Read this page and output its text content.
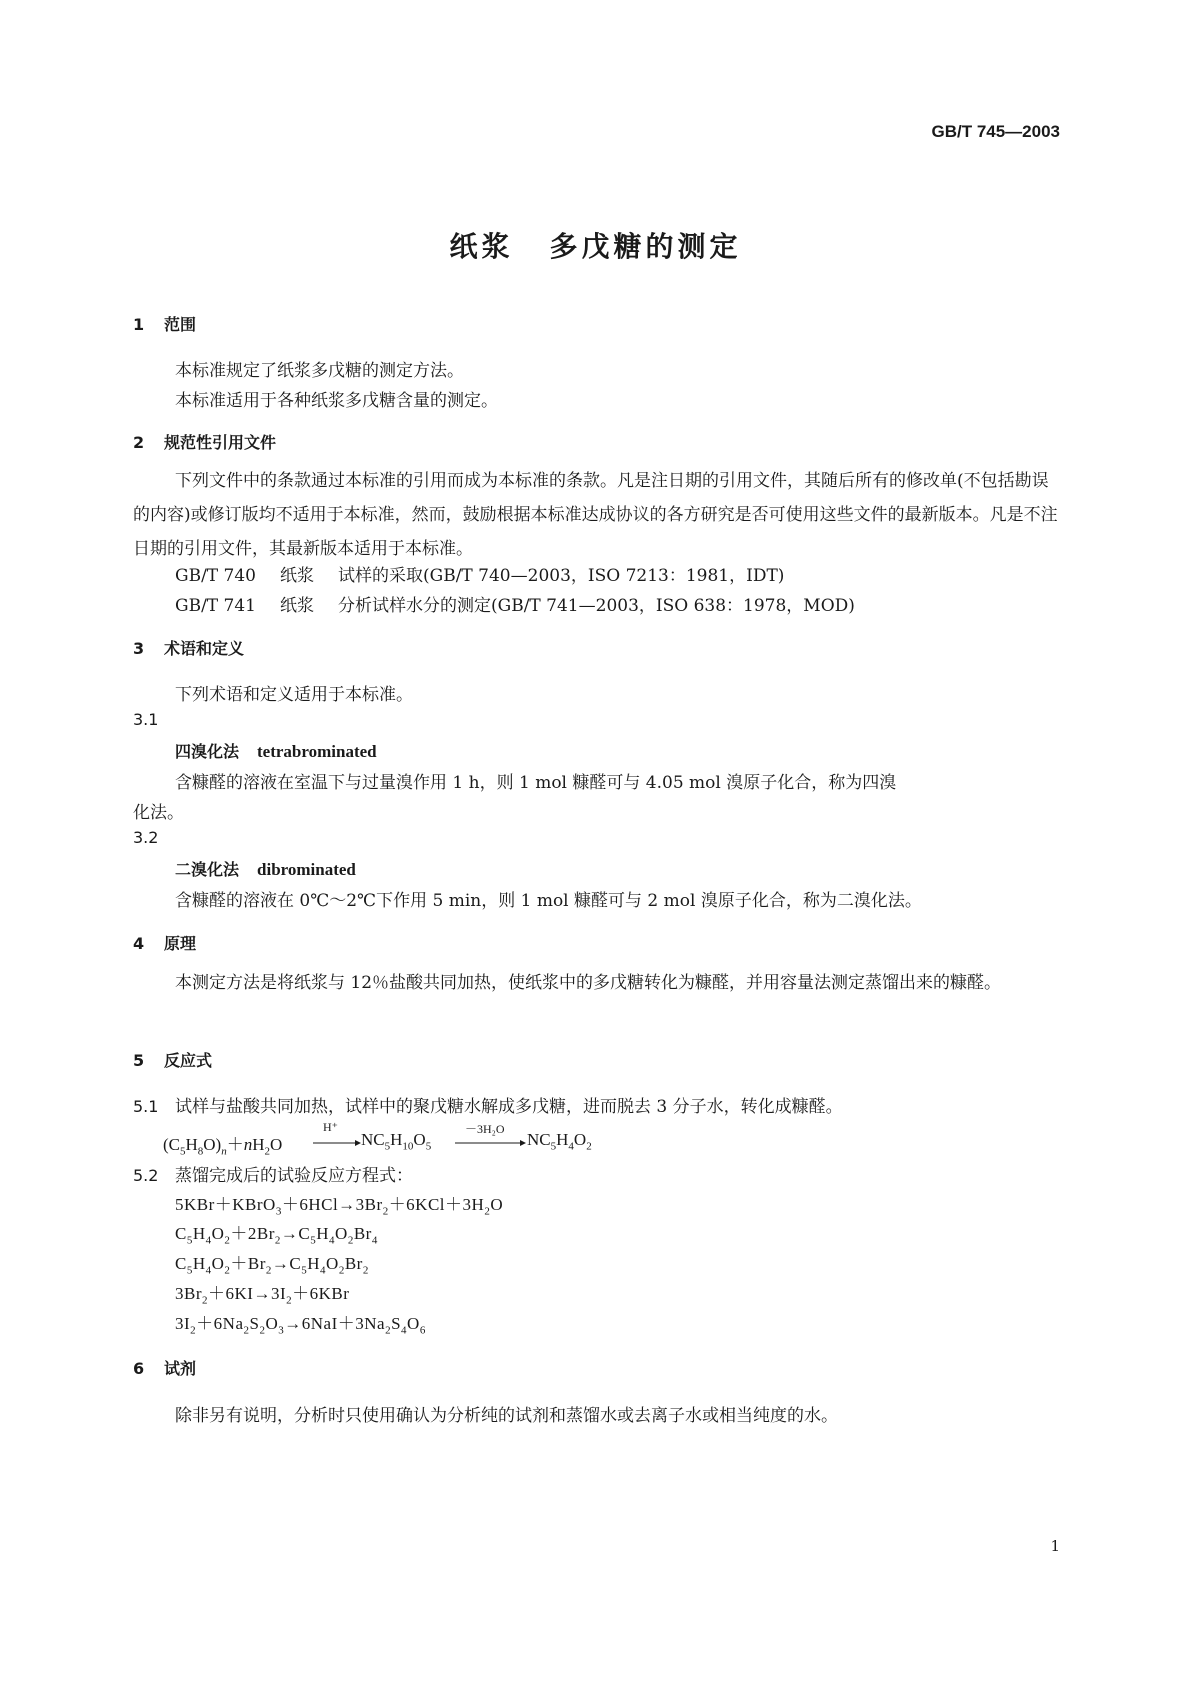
GB/T 745—2003
纸浆 多戊糖的测定
1 范围
本标准规定了纸浆多戊糖的测定方法。
本标准适用于各种纸浆多戊糖含量的测定。
2 规范性引用文件
下列文件中的条款通过本标准的引用而成为本标准的条款。凡是注日期的引用文件，其随后所有的修改单(不包括勘误的内容)或修订版均不适用于本标准，然而，鼓励根据本标准达成协议的各方研究是否可使用这些文件的最新版本。凡是不注日期的引用文件，其最新版本适用于本标准。
GB/T 740 纸浆 试样的采取(GB/T 740—2003，ISO 7213：1981，IDT)
GB/T 741 纸浆 分析试样水分的测定(GB/T 741—2003，ISO 638：1978，MOD)
3 术语和定义
下列术语和定义适用于本标准。
3.1
四溴化法 tetrabrominated
含糠醛的溶液在室温下与过量溴作用 1 h，则 1 mol 糠醛可与 4.05 mol 溴原子化合，称为四溴
化法。
3.2
二溴化法 dibrominated
含糠醛的溶液在 0℃～2℃下作用 5 min，则 1 mol 糠醛可与 2 mol 溴原子化合，称为二溴化法。
4 原理
本测定方法是将纸浆与 12％盐酸共同加热，使纸浆中的多戊糖转化为糠醛，并用容量法测定蒸馏出来的糠醛。
5 反应式
5.1 试样与盐酸共同加热，试样中的聚戊糖水解成多戊糖，进而脱去 3 分子水，转化成糠醛。
H⁺	－3H₂O
$(C_5H_8O)_n+nH_2O$	$NC_5H_{10}O_5$	$NC_5H_4O_2$
5.2 蒸馏完成后的试验反应方程式：
$5KBr+KBrO_3+6HCl\to 3Br_2+6KCl+3H_2O$
$C_5H_4O_2+2Br_2\to C_5H_4O_2Br_4$
$C_5H_4O_2+Br_2\to C_5H_4O_2Br_2$
$3Br_2+6KI\to 3I_2+6KBr$
$3I_2+6Na_2S_2O_3\to 6NaI+3Na_2S_4O_6$
6 试剂
除非另有说明，分析时只使用确认为分析纯的试剂和蒸馏水或去离子水或相当纯度的水。
1
